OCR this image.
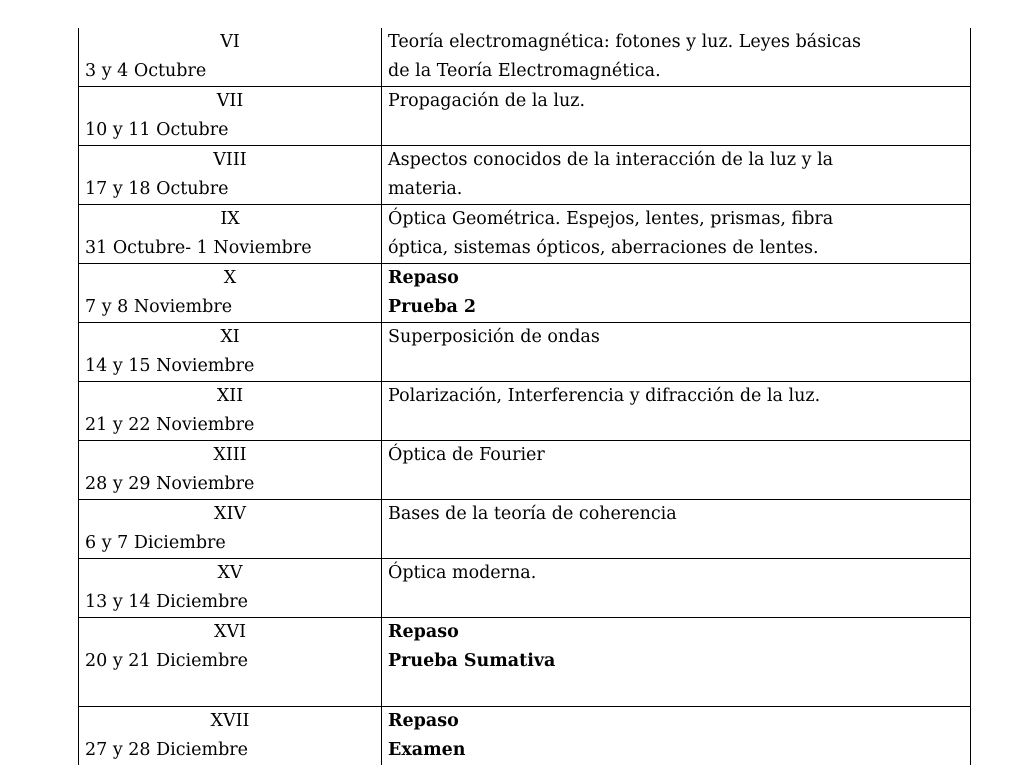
VI
3 y 4 Octubre	Teoría electromagnética: fotones y luz. Leyes básicas
de la Teoría Electromagnética.

VII
10 y 11 Octubre	Propagación de la luz.

VIII
17 y 18 Octubre	Aspectos conocidos de la interacción de la luz y la
materia.

IX
31 Octubre- 1 Noviembre	Óptica Geométrica. Espejos, lentes, prismas, fibra
óptica, sistemas ópticos, aberraciones de lentes.

X
7 y 8 Noviembre	Repaso
Prueba 2

XI
14 y 15 Noviembre	Superposición de ondas

XII
21 y 22 Noviembre	Polarización, Interferencia y difracción de la luz.

XIII
28 y 29 Noviembre	Óptica de Fourier

XIV
6 y 7 Diciembre	Bases de la teoría de coherencia

XV
13 y 14 Diciembre	Óptica moderna.

XVI
20 y 21 Diciembre	Repaso
Prueba Sumativa

XVII
27 y 28 Diciembre	Repaso
Examen
